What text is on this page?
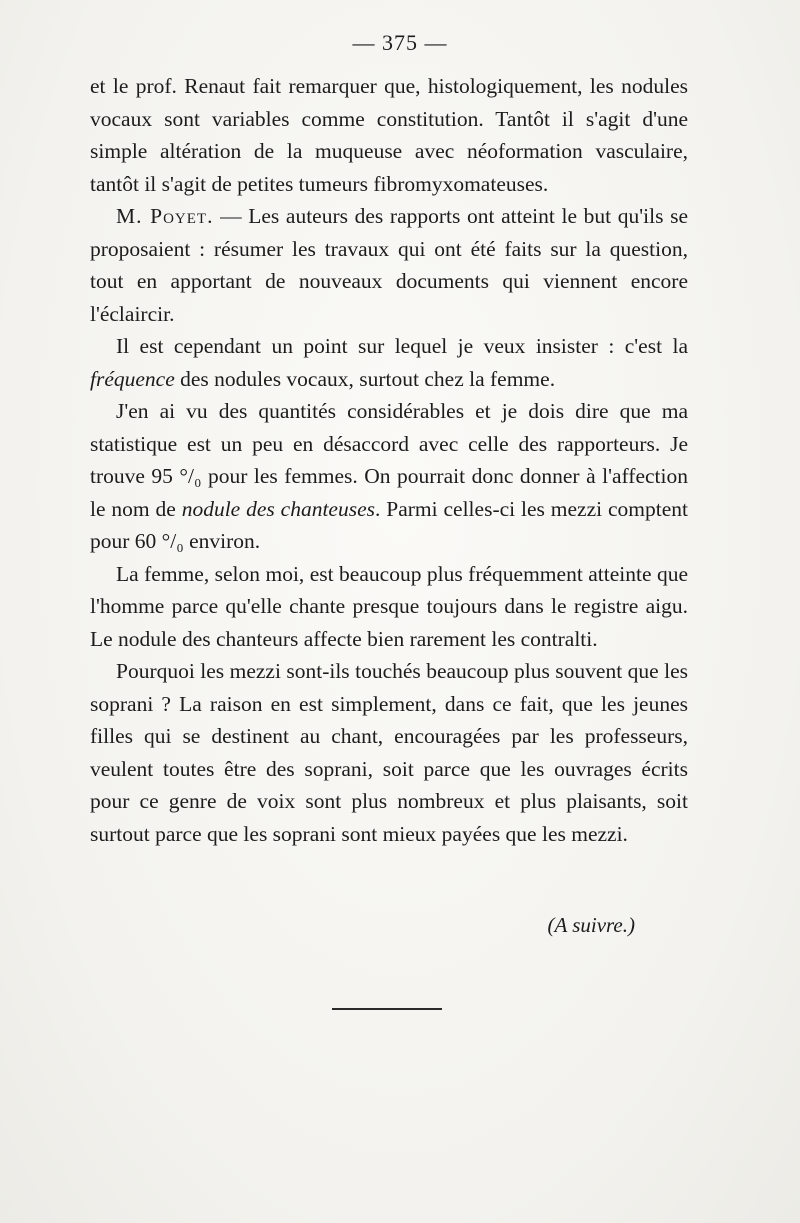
— 375 —

et le prof. Renaut fait remarquer que, histologiquement, les nodules vocaux sont variables comme constitution. Tantôt il s'agit d'une simple altération de la muqueuse avec néoformation vasculaire, tantôt il s'agit de petites tumeurs fibromyxomateuses.

M. Poyet. — Les auteurs des rapports ont atteint le but qu'ils se proposaient : résumer les travaux qui ont été faits sur la question, tout en apportant de nouveaux documents qui viennent encore l'éclaircir.

Il est cependant un point sur lequel je veux insister : c'est la fréquence des nodules vocaux, surtout chez la femme.

J'en ai vu des quantités considérables et je dois dire que ma statistique est un peu en désaccord avec celle des rapporteurs. Je trouve 95 °/₀ pour les femmes. On pourrait donc donner à l'affection le nom de nodule des chanteuses. Parmi celles-ci les mezzi comptent pour 60 °/₀ environ.

La femme, selon moi, est beaucoup plus fréquemment atteinte que l'homme parce qu'elle chante presque toujours dans le registre aigu. Le nodule des chanteurs affecte bien rarement les contralti.

Pourquoi les mezzi sont-ils touchés beaucoup plus souvent que les soprani ? La raison en est simplement, dans ce fait, que les jeunes filles qui se destinent au chant, encouragées par les professeurs, veulent toutes être des soprani, soit parce que les ouvrages écrits pour ce genre de voix sont plus nombreux et plus plaisants, soit surtout parce que les soprani sont mieux payées que les mezzi.

(A suivre.)
